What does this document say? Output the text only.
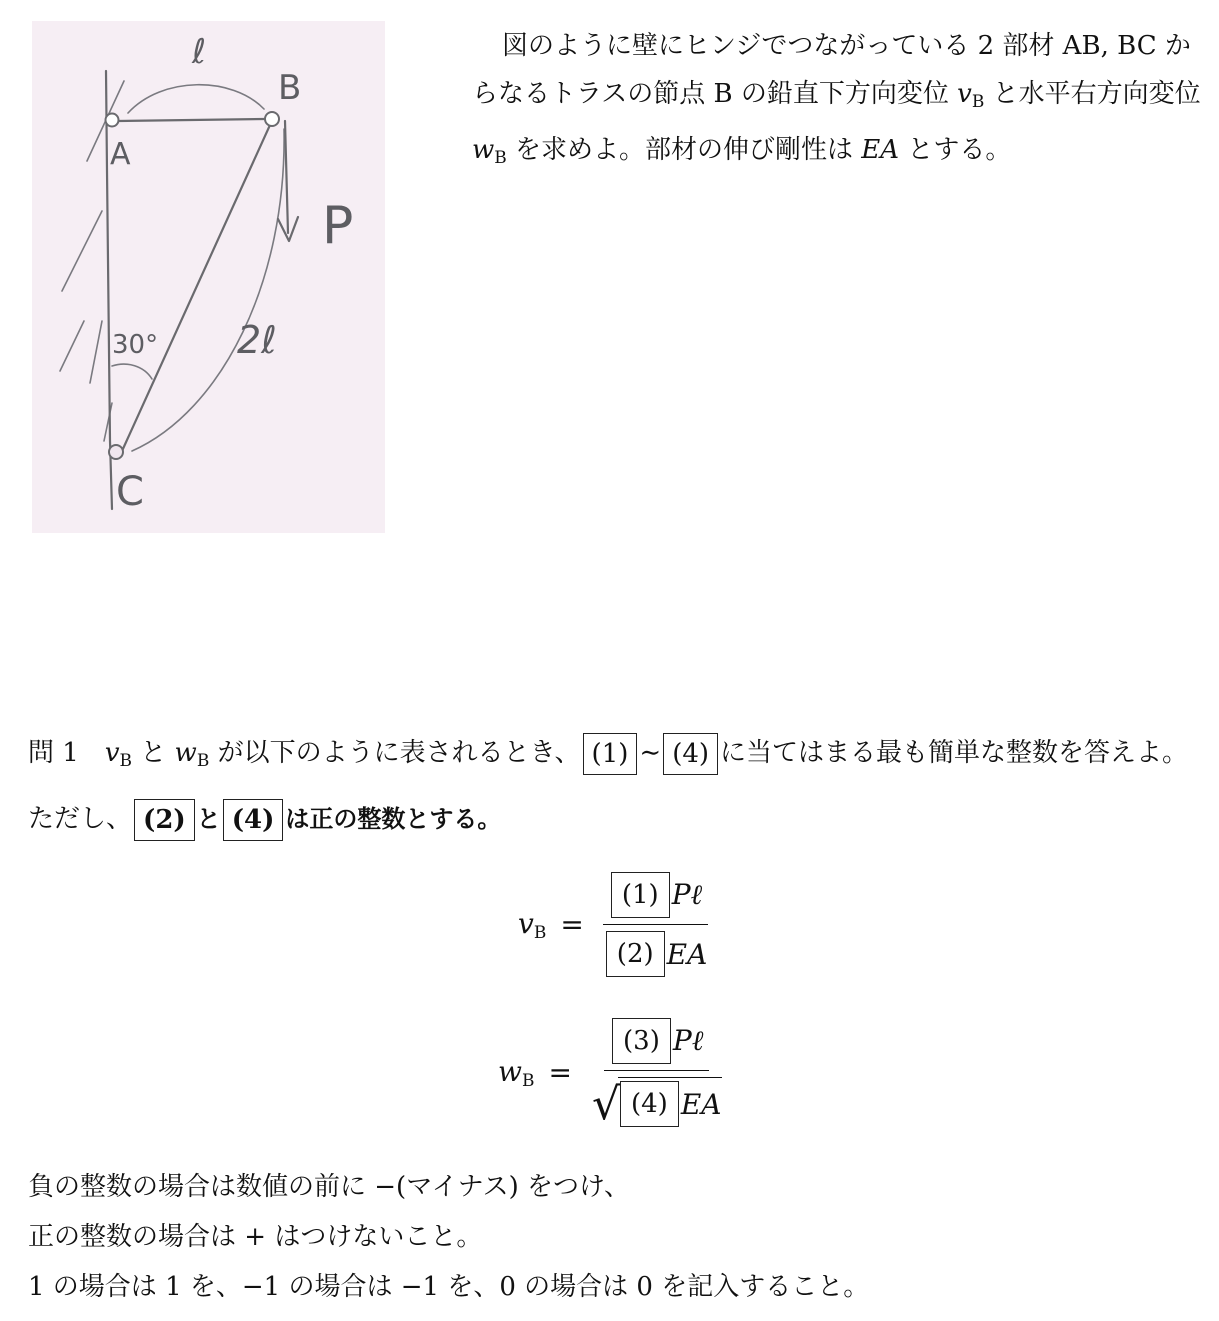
ℓ
B
A
P
30° 2ℓ
C
図のように壁にヒンジでつながっている 2 部材 AB, BC からなるトラスの節点 B の鉛直下方向変位 $v_B$ と水平右方向変位 $w_B$ を求めよ。部材の伸び剛性は EA とする。
問 1　$v_B$ と $w_B$ が以下のように表されるとき、 (1) ∼ (4) に当てはまる最も簡単な整数を答えよ。ただし、 (2) と (4) は正の整数とする。
$v_B = \frac{\text{(1) Pℓ}}{(2) EA}$
$w_B = \frac{\text{(3) Pℓ}}{√ (4) EA}$

負の整数の場合は数値の前に −(マイナス) をつけ、

正の整数の場合は + はつけないこと。

1 の場合は 1 を、−1 の場合は −1 を、0 の場合は 0 を記入すること。
